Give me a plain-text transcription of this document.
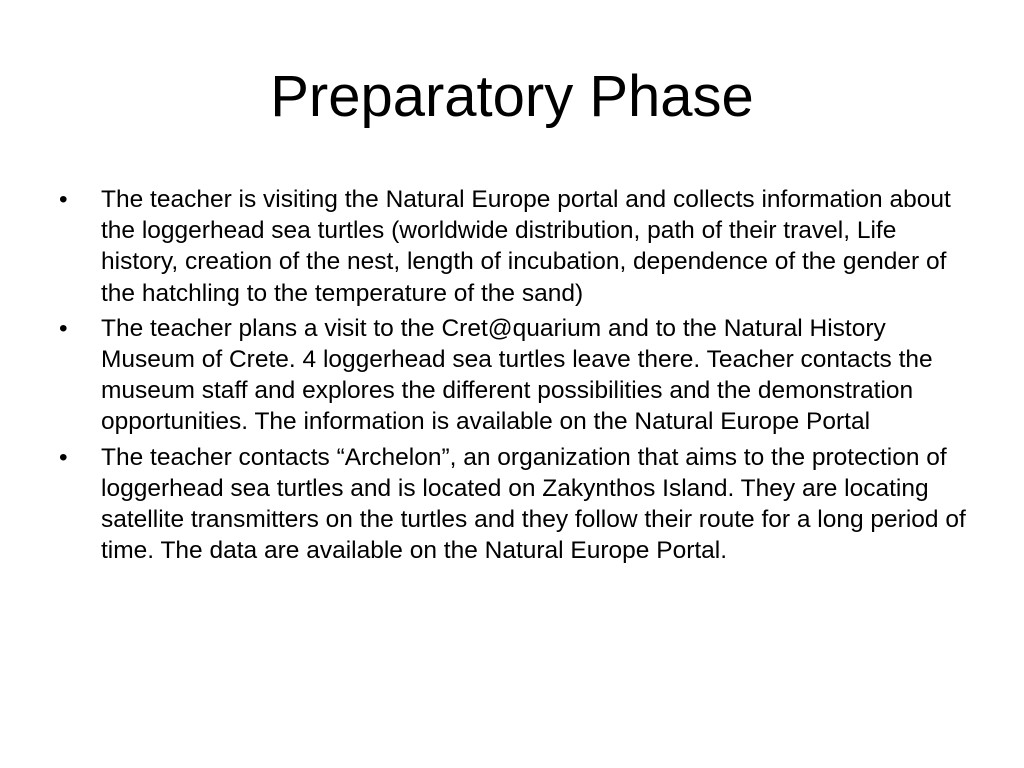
Preparatory Phase
• The teacher is visiting the Natural Europe portal and collects information about the loggerhead sea turtles (worldwide distribution, path of their travel, Life history, creation of the nest, length of incubation, dependence of the gender of the hatchling to the temperature of the sand)
• The teacher plans a visit to the Cret@quarium and to the Natural History Museum of Crete. 4 loggerhead sea turtles leave there. Teacher contacts the museum staff and explores the different possibilities and the demonstration opportunities. The information is available on the Natural Europe Portal
• The teacher contacts “Archelon”, an organization that aims to the protection of loggerhead sea turtles and is located on Zakynthos Island. They are locating satellite transmitters on the turtles and they follow their route for a long period of time. The data are available on the Natural Europe Portal.
